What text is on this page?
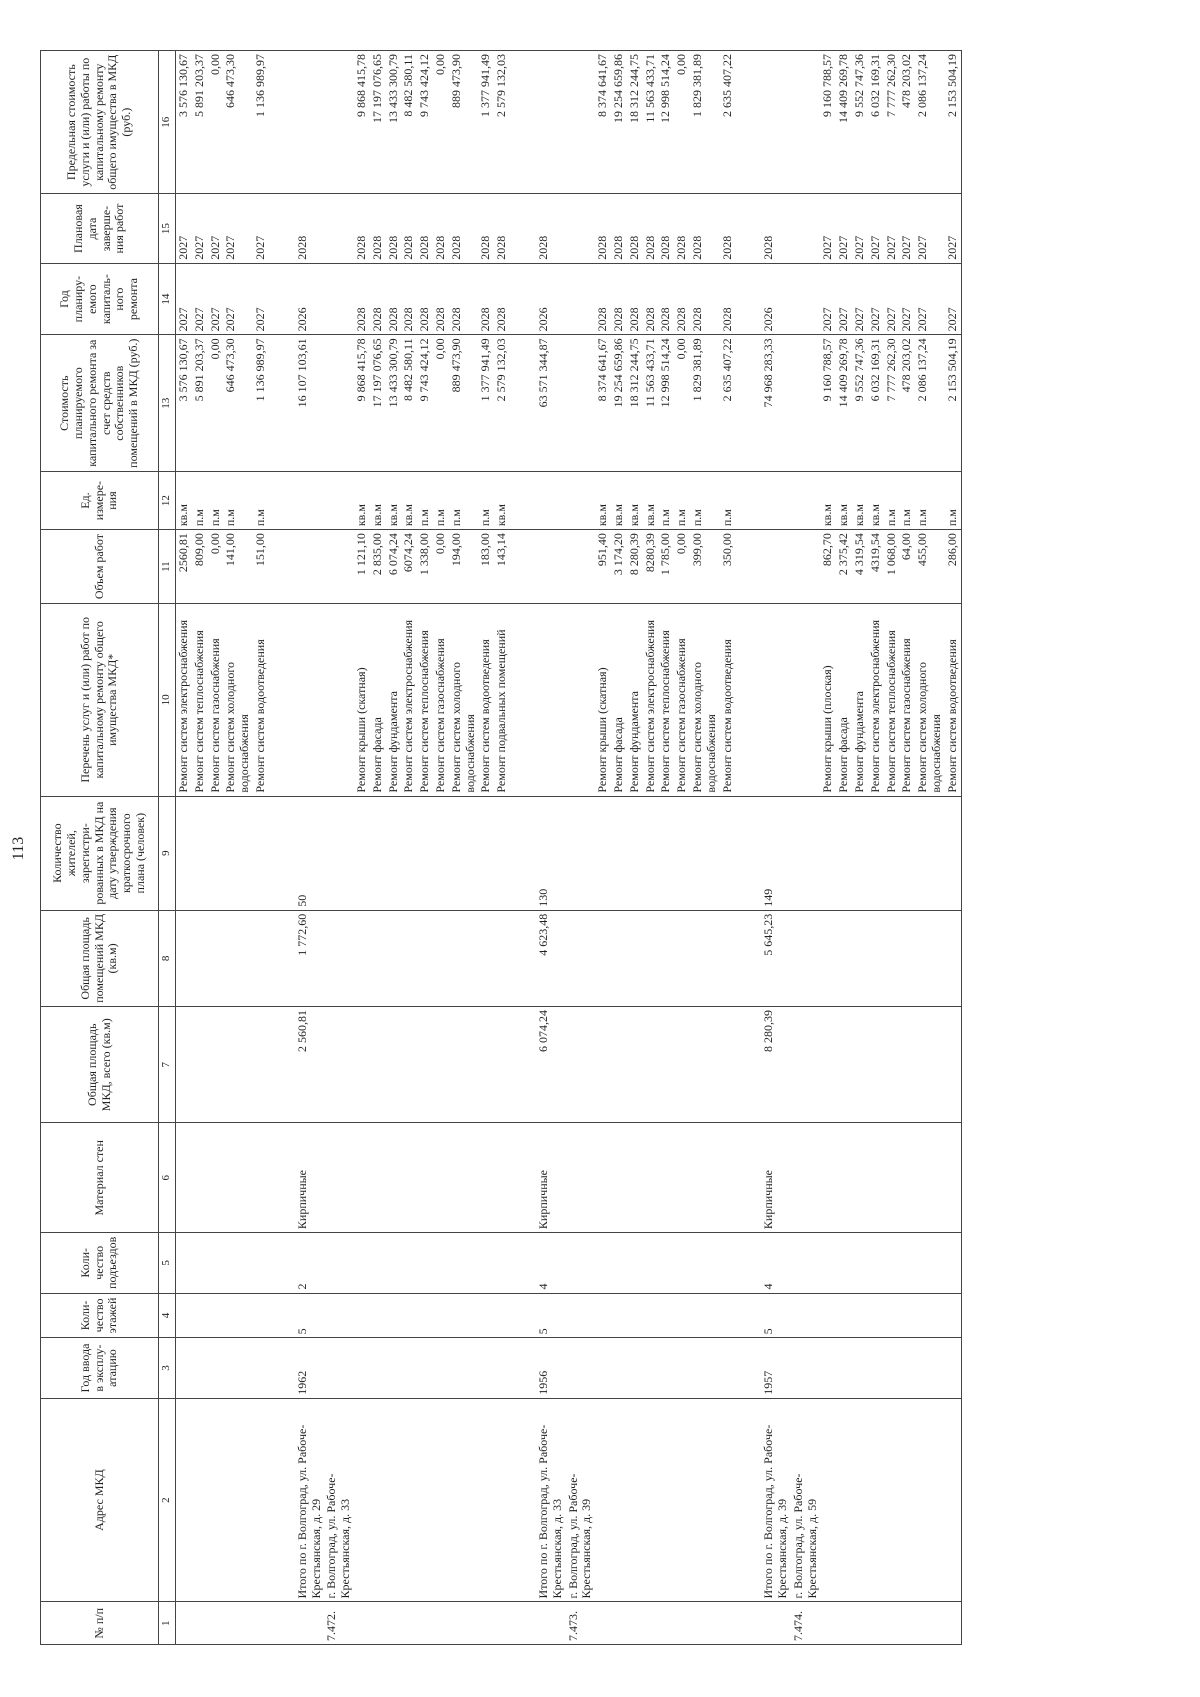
113
№ п/п	Адрес МКД	Год ввода в эксплу-атацию	Коли-чество этажей	Коли-чество подъездов	Материал стен	Общая площадь МКД, всего (кв.м)	Общая площадь помещений МКД (кв.м)	Количество жителей, зарегистри-рованных в МКД на дату утверждения краткосрочного плана (человек)	Перечень услуг и (или) работ по капитальному ремонту общего имущества МКД*	Объем работ	Ед. измере-ния	Стоимость планируемого капитального ремонта за счет средств собственников помещений в МКД (руб.)	Год планиру-емого капиталь-ного ремонта	Плановая дата заверше-ния работ	Предельная стоимость услуги и (или) работы по капитальному ремонту общего имущества в МКД (руб.)
1	2	3	4	5	6	7	8	9	10	11	12	13	14	15	16
									Ремонт систем электроснабжения	2560,81	кв.м	3 576 130,67	2027	2027	3 576 130,67
									Ремонт систем теплоснабжения	809,00	п.м	5 891 203,37	2027	2027	5 891 203,37
									Ремонт систем газоснабжения	0,00	п.м	0,00	2027	2027	0,00
									Ремонт систем холодного водоснабжения	141,00	п.м	646 473,30	2027	2027	646 473,30
									Ремонт систем водоотведения	151,00	п.м	1 136 989,97	2027	2027	1 136 989,97

	Итого по г. Волгоград, ул. Рабоче-Крестьянская, д. 29	1962	5	2	Кирпичные	2 560,81	1 772,60	50				16 107 103,61	2026	2028	
7.472.	г. Волгоград, ул. Рабоче-Крестьянская, д. 33														
									Ремонт крыши (скатная)	1 121,10	кв.м	9 868 415,78	2028	2028	9 868 415,78
									Ремонт фасада	2 835,00	кв.м	17 197 076,65	2028	2028	17 197 076,65
									Ремонт фундамента	6 074,24	кв.м	13 433 300,79	2028	2028	13 433 300,79
									Ремонт систем электроснабжения	6074,24	кв.м	8 482 580,11	2028	2028	8 482 580,11
									Ремонт систем теплоснабжения	1 338,00	п.м	9 743 424,12	2028	2028	9 743 424,12
									Ремонт систем газоснабжения	0,00	п.м	0,00	2028	2028	0,00
									Ремонт систем холодного водоснабжения	194,00	п.м	889 473,90	2028	2028	889 473,90
									Ремонт систем водоотведения	183,00	п.м	1 377 941,49	2028	2028	1 377 941,49
									Ремонт подвальных помещений	143,14	кв.м	2 579 132,03	2028	2028	2 579 132,03

	Итого по г. Волгоград, ул. Рабоче-Крестьянская, д. 33	1956	5	4	Кирпичные	6 074,24	4 623,48	130				63 571 344,87	2026	2028	
7.473.	г. Волгоград, ул. Рабоче-Крестьянская, д. 39														
									Ремонт крыши (скатная)	951,40	кв.м	8 374 641,67	2028	2028	8 374 641,67
									Ремонт фасада	3 174,20	кв.м	19 254 659,86	2028	2028	19 254 659,86
									Ремонт фундамента	8 280,39	кв.м	18 312 244,75	2028	2028	18 312 244,75
									Ремонт систем электроснабжения	8280,39	кв.м	11 563 433,71	2028	2028	11 563 433,71
									Ремонт систем теплоснабжения	1 785,00	п.м	12 998 514,24	2028	2028	12 998 514,24
									Ремонт систем газоснабжения	0,00	п.м	0,00	2028	2028	0,00
									Ремонт систем холодного водоснабжения	399,00	п.м	1 829 381,89	2028	2028	1 829 381,89
									Ремонт систем водоотведения	350,00	п.м	2 635 407,22	2028	2028	2 635 407,22

	Итого по г. Волгоград, ул. Рабоче-Крестьянская, д. 39	1957	5	4	Кирпичные	8 280,39	5 645,23	149				74 968 283,33	2026	2028	
7.474.	г. Волгоград, ул. Рабоче-Крестьянская, д. 59														
									Ремонт крыши (плоская)	862,70	кв.м	9 160 788,57	2027	2027	9 160 788,57
									Ремонт фасада	2 375,42	кв.м	14 409 269,78	2027	2027	14 409 269,78
									Ремонт фундамента	4 319,54	кв.м	9 552 747,36	2027	2027	9 552 747,36
									Ремонт систем электроснабжения	4319,54	кв.м	6 032 169,31	2027	2027	6 032 169,31
									Ремонт систем теплоснабжения	1 068,00	п.м	7 777 262,30	2027	2027	7 777 262,30
									Ремонт систем газоснабжения	64,00	п.м	478 203,02	2027	2027	478 203,02
									Ремонт систем холодного водоснабжения	455,00	п.м	2 086 137,24	2027	2027	2 086 137,24
									Ремонт систем водоотведения	286,00	п.м	2 153 504,19	2027	2027	2 153 504,19
